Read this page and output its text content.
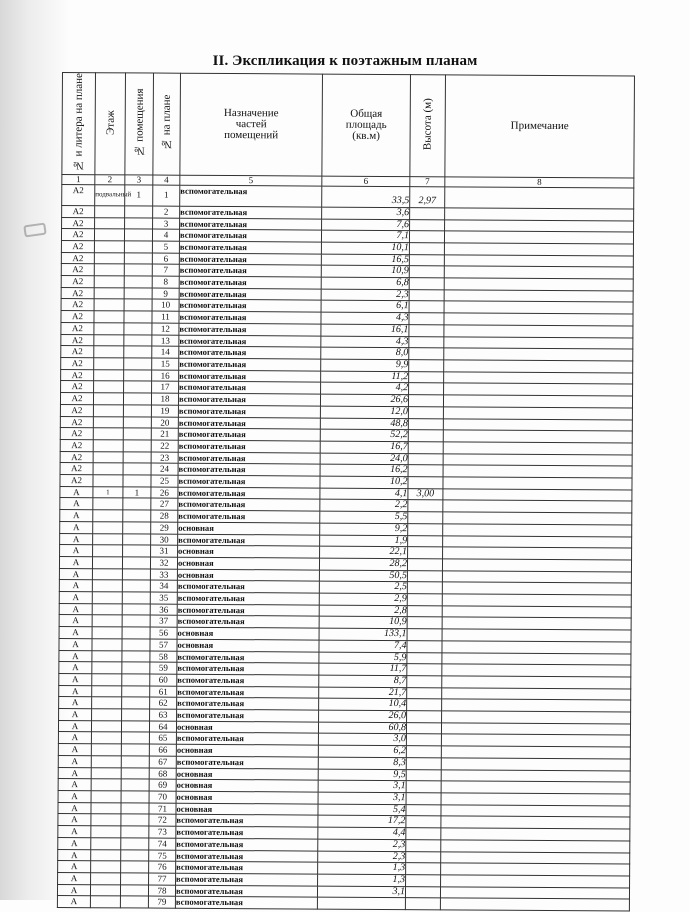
II. Экспликация к поэтажным планам
№ и литера на плане	Этаж	№ помещения	№ на плане	Назначение частей помещений	Общая площадь (кв.м)	Высота (м)	Примечание
1	2	3	4	5	6	7	8
А2	подвальный	1	1	вспомогательная	33,5	2,97	
А2			2	вспомогательная	3,6		
А2			3	вспомогательная	7,6		
А2			4	вспомогательная	7,1		
А2			5	вспомогательная	10,1		
А2			6	вспомогательная	16,5		
А2			7	вспомогательная	10,9		
А2			8	вспомогательная	6,8		
А2			9	вспомогательная	2,3		
А2			10	вспомогательная	6,1		
А2			11	вспомогательная	4,3		
А2			12	вспомогательная	16,1		
А2			13	вспомогательная	4,3		
А2			14	вспомогательная	8,0		
А2			15	вспомогательная	9,9		
А2			16	вспомогательная	11,2		
А2			17	вспомогательная	4,2		
А2			18	вспомогательная	26,6		
А2			19	вспомогательная	12,0		
А2			20	вспомогательная	48,8		
А2			21	вспомогательная	52,2		
А2			22	вспомогательная	16,7		
А2			23	вспомогательная	24,0		
А2			24	вспомогательная	16,2		
А2			25	вспомогательная	10,2		
А	1	1	26	вспомогательная	4,1	3,00	
А			27	вспомогательная	2,2		
А			28	вспомогательная	5,5		
А			29	основная	9,2		
А			30	вспомогательная	1,9		
А			31	основная	22,1		
А			32	основная	28,2		
А			33	основная	50,5		
А			34	вспомогательная	2,5		
А			35	вспомогательная	2,9		
А			36	вспомогательная	2,8		
А			37	вспомогательная	10,9		
А			56	основная	133,1		
А			57	основная	7,4		
А			58	вспомогательная	5,9		
А			59	вспомогательная	11,7		
А			60	вспомогательная	8,7		
А			61	вспомогательная	21,7		
А			62	вспомогательная	10,4		
А			63	вспомогательная	26,0		
А			64	основная	60,8		
А			65	вспомогательная	3,0		
А			66	основная	6,2		
А			67	вспомогательная	8,3		
А			68	основная	9,5		
А			69	основная	3,1		
А			70	основная	3,1		
А			71	основная	5,4		
А			72	вспомогательная	17,2		
А			73	вспомогательная	4,4		
А			74	вспомогательная	2,3		
А			75	вспомогательная	2,3		
А			76	вспомогательная	1,3		
А			77	вспомогательная	1,3		
А			78	вспомогательная	3,1		
А			79	вспомогательная			
